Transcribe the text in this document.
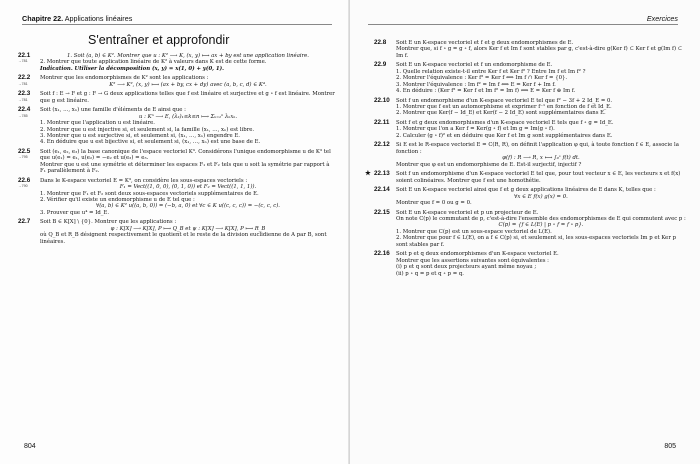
Chapitre 22. Applications linéaires
S'entraîner et approfondir
22.1
→781

1. Soit (a, b) ∈ K². Montrer que u : K² ⟶ K, (x, y) ⟼ ax + by est une application linéaire.

2. Montrer que toute application linéaire de K² à valeurs dans K est de cette forme.

Indication. Utiliser la décomposition (x, y) = x(1, 0) + y(0, 1).

22.2
→781

Montrer que les endomorphismes de K² sont les applications :

K² ⟶ K², (x, y) ⟼ (ax + by, cx + dy) avec (a, b, c, d) ∈ K⁴.

22.3
→781

Soit f : E → F et g : F → G deux applications telles que f est linéaire et surjective et g ∘ f est linéaire. Montrer que g est linéaire.

22.4
→785

Soit (x₁, …, xₙ) une famille d'éléments de E ainsi que :

u : Kⁿ ⟶ E, (λₖ)₁≤k≤n ⟼ Σₖ₌₁ⁿ λₖxₖ.

1. Montrer que l'application u est linéaire.

2. Montrer que u est injective si, et seulement si, la famille (x₁, …, xₙ) est libre.

3. Montrer que u est surjective si, et seulement si, (x₁, …, xₙ) engendre E.

4. En déduire que u est bijective si, et seulement si, (x₁, …, xₙ) est une base de E.

22.5
→795

Soit (e₁, e₂, e₃) la base canonique de l'espace vectoriel K³. Considérons l'unique endomorphisme u de K³ tel que u(e₁) = e₁, u(e₂) = −e₂ et u(e₃) = e₃.

Montrer que u est une symétrie et déterminer les espaces F₁ et F₂ tels que u soit la symétrie par rapport à F₁ parallèlement à F₂.

22.6
→790

Dans le K-espace vectoriel E = K³, on considère les sous-espaces vectoriels :

F₁ = Vect((1, 0, 0), (0, 1, 0)) et F₂ = Vect((1, 1, 1)).

1. Montrer que F₁ et F₂ sont deux sous-espaces vectoriels supplémentaires de E.

2. Vérifier qu'il existe un endomorphisme u de E tel que :

∀(a, b) ∈ K² u((a, b, 0)) = (−b, a, 0) et ∀c ∈ K u((c, c, c)) = −(c, c, c).

3. Prouver que u⁴ = Id_E.

22.7	Soit B ∈ K[X] \ {0}. Montrer que les applications :

φ : K[X] ⟶ K[X], P ⟼ Q_B et ψ : K[X] ⟶ K[X], P ⟼ R_B

où Q_B et R_B désignent respectivement le quotient et le reste de la division euclidienne de A par B, sont linéaires.

804
Exercices
22.8	Soit E un K-espace vectoriel et f et g deux endomorphismes de E.

Montrer que, si f ∘ g = g ∘ f, alors Ker f et Im f sont stables par g, c'est-à-dire g(Ker f) ⊂ Ker f et g(Im f) ⊂ Im f.

22.9	Soit E un K-espace vectoriel et f un endomorphisme de E.

1. Quelle relation existe-t-il entre Ker f et Ker f² ? Entre Im f et Im f² ?

2. Montrer l'équivalence : Ker f² = Ker f ⟺ Im f ∩ Ker f = {0}.

3. Montrer l'équivalence : Im f² = Im f ⟺ E = Ker f + Im f.

4. En déduire : (Ker f² = Ker f et Im f² = Im f) ⟺ E = Ker f ⊕ Im f.

22.10	Soit f un endomorphisme d'un K-espace vectoriel E tel que f² − 3f + 2 Id_E = 0.

1. Montrer que f est un automorphisme et exprimer f⁻¹ en fonction de f et Id_E.

2. Montrer que Ker(f − Id_E) et Ker(f − 2 Id_E) sont supplémentaires dans E.

22.11	Soit f et g deux endomorphismes d'un K-espace vectoriel E tels que f ∘ g = Id_E.

1. Montrer que l'on a Ker f = Ker(g ∘ f) et Im g = Im(g ∘ f).

2. Calculer (g ∘ f)² et en déduire que Ker f et Im g sont supplémentaires dans E.

22.12	Si E est le R-espace vectoriel E = C(R, R), on définit l'application φ qui, à toute fonction f ∈ E, associe la fonction :

φ(f) : R ⟶ R, x ⟼ ∫₀ˣ f(t) dt.

Montrer que φ est un endomorphisme de E. Est-il surjectif, injectif ?

★ 22.13	Soit f un endomorphisme d'un K-espace vectoriel E tel que, pour tout vecteur x ∈ E, les vecteurs x et f(x) soient colinéaires. Montrer que f est une homothétie.

22.14	Soit E un K-espace vectoriel ainsi que f et g deux applications linéaires de E dans K, telles que :

∀x ∈ E f(x) g(x) = 0.

Montrer que f = 0 ou g = 0.

22.15	Soit E un K-espace vectoriel et p un projecteur de E.

On note C(p) le commutant de p, c'est-à-dire l'ensemble des endomorphismes de E qui commutent avec p :

C(p) = {f ∈ L(E) | p ∘ f = f ∘ p}.

1. Montrer que C(p) est un sous-espace vectoriel de L(E).

2. Montrer que pour f ∈ L(E), on a f ∈ C(p) si, et seulement si, les sous-espaces vectoriels Im p et Ker p sont stables par f.

22.16	Soit p et q deux endomorphismes d'un K-espace vectoriel E.

Montrer que les assertions suivantes sont équivalentes :

(i) p et q sont deux projecteurs ayant même noyau ;

(ii) p ∘ q = p et q ∘ p = q.

805
